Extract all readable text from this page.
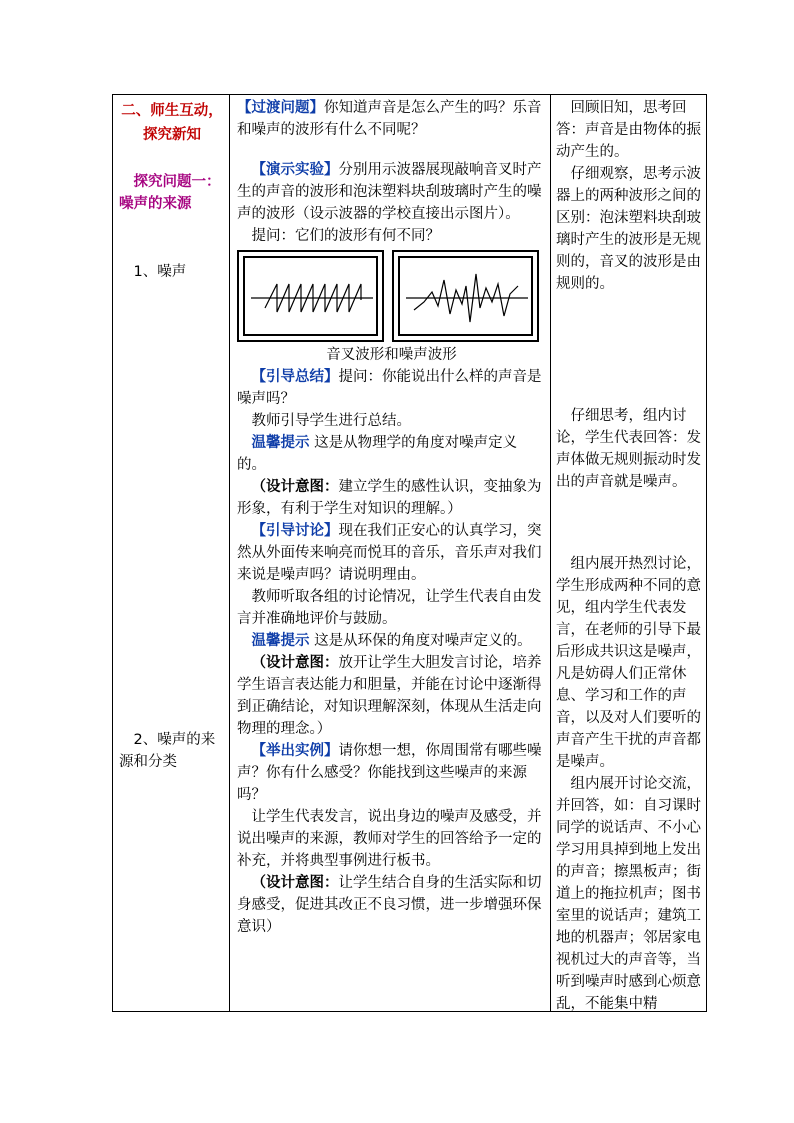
二、师生互动，探究新知

探究问题一：噪声的来源

1、噪声

2、噪声的来源和分类

【过渡问题】你知道声音是怎么产生的吗？乐音和噪声的波形有什么不同呢？

【演示实验】分别用示波器展现敲响音叉时产生的声音的波形和泡沫塑料块刮玻璃时产生的噪声的波形（设示波器的学校直接出示图片）。

提问：它们的波形有何不同？

音叉波形和噪声波形

【引导总结】提问：你能说出什么样的声音是噪声吗？

教师引导学生进行总结。

温馨提示 这是从物理学的角度对噪声定义的。

（设计意图：建立学生的感性认识，变抽象为形象，有利于学生对知识的理解。）

【引导讨论】现在我们正安心的认真学习，突然从外面传来响亮而悦耳的音乐，音乐声对我们来说是噪声吗？请说明理由。

教师听取各组的讨论情况，让学生代表自由发言并准确地评价与鼓励。

温馨提示 这是从环保的角度对噪声定义的。

（设计意图：放开让学生大胆发言讨论，培养学生语言表达能力和胆量，并能在讨论中逐渐得到正确结论，对知识理解深刻，体现从生活走向物理的理念。）

【举出实例】请你想一想，你周围常有哪些噪声？你有什么感受？你能找到这些噪声的来源吗？

让学生代表发言，说出身边的噪声及感受，并说出噪声的来源，教师对学生的回答给予一定的补充，并将典型事例进行板书。

（设计意图：让学生结合自身的生活实际和切身感受，促进其改正不良习惯，进一步增强环保意识）

回顾旧知，思考回答：声音是由物体的振动产生的。

仔细观察，思考示波器上的两种波形之间的区别：泡沫塑料块刮玻璃时产生的波形是无规则的，音叉的波形是由规则的。

仔细思考，组内讨论，学生代表回答：发声体做无规则振动时发出的声音就是噪声。

组内展开热烈讨论，学生形成两种不同的意见，组内学生代表发言，在老师的引导下最后形成共识这是噪声，凡是妨碍人们正常休息、学习和工作的声音，以及对人们要听的声音产生干扰的声音都是噪声。

组内展开讨论交流，并回答，如：自习课时同学的说话声、不小心学习用具掉到地上发出的声音；擦黑板声；街道上的拖拉机声；图书室里的说话声；建筑工地的机器声；邻居家电视机过大的声音等，当听到噪声时感到心烦意乱，不能集中精
